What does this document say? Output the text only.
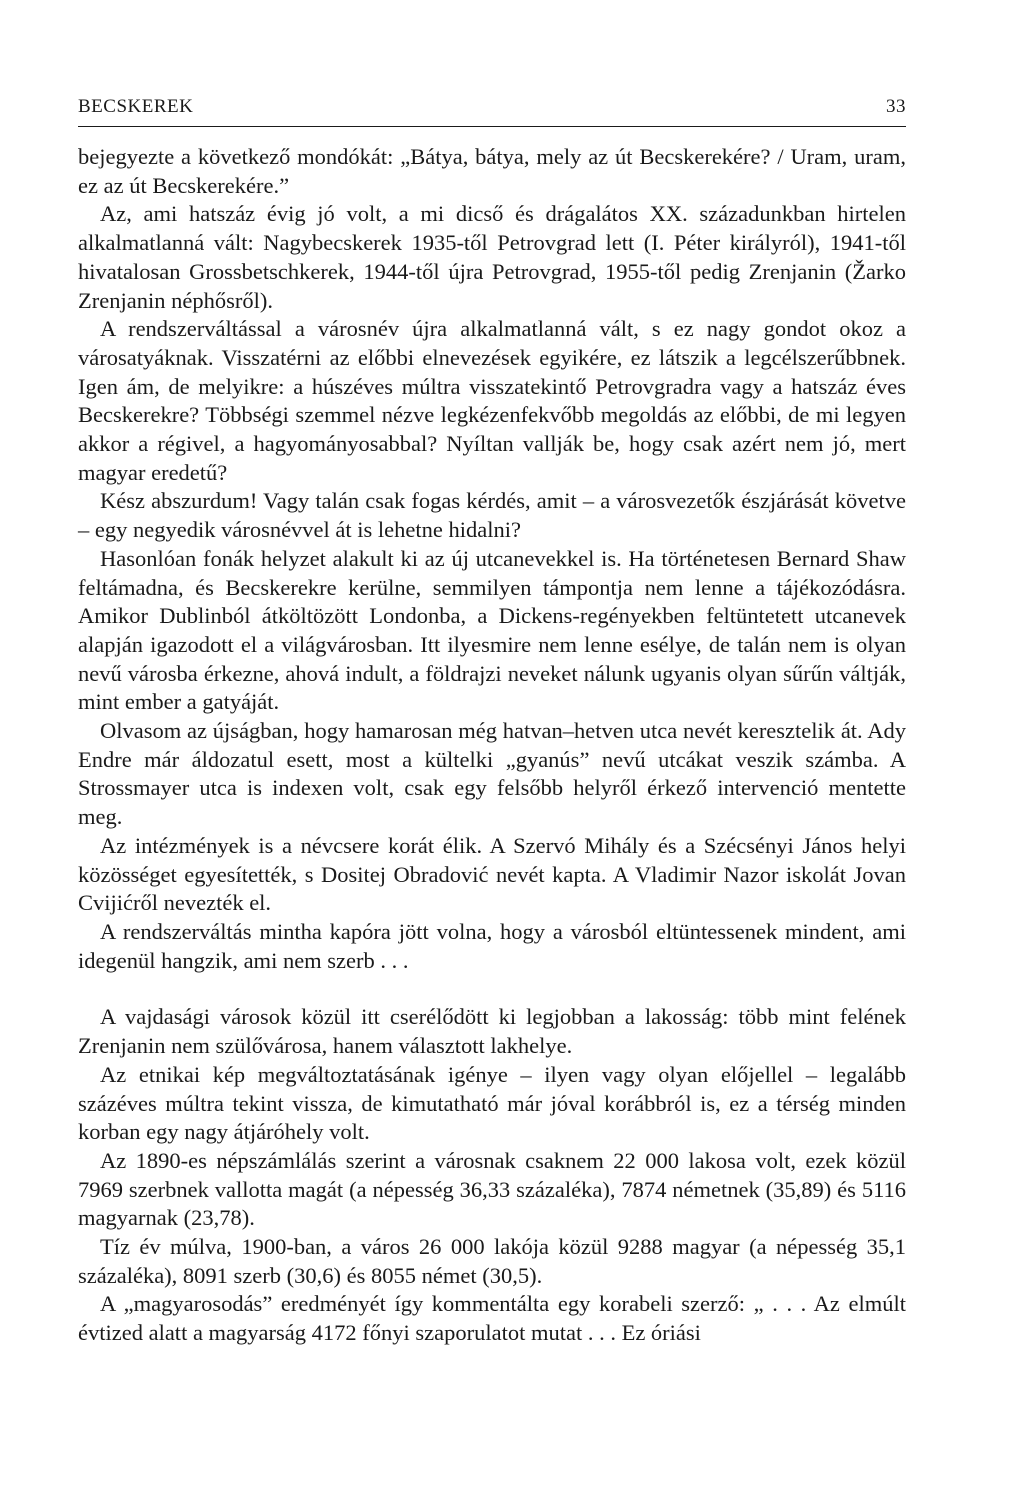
BECSKEREK	33

bejegyezte a következő mondókát: „Bátya, bátya, mely az út Becskerekére? / Uram, uram, ez az út Becskerekére.”

Az, ami hatszáz évig jó volt, a mi dicső és drágalátos XX. századunkban hirtelen alkalmatlanná vált: Nagybecskerek 1935-től Petrovgrad lett (I. Péter királyról), 1941-től hivatalosan Grossbetschkerek, 1944-től újra Petrovgrad, 1955-től pedig Zrenjanin (Žarko Zrenjanin néphősről).

A rendszerváltással a városnév újra alkalmatlanná vált, s ez nagy gondot okoz a városatyáknak. Visszatérni az előbbi elnevezések egyikére, ez látszik a legcélszerűbbnek. Igen ám, de melyikre: a húszéves múltra visszatekintő Petrovgradra vagy a hatszáz éves Becskerekre? Többségi szemmel nézve legkézenfekvőbb megoldás az előbbi, de mi legyen akkor a régivel, a hagyományosabbal? Nyíltan vallják be, hogy csak azért nem jó, mert magyar eredetű?

Kész abszurdum! Vagy talán csak fogas kérdés, amit – a városvezetők észjárását követve – egy negyedik városnévvel át is lehetne hidalni?

Hasonlóan fonák helyzet alakult ki az új utcanevekkel is. Ha történetesen Bernard Shaw feltámadna, és Becskerekre kerülne, semmilyen támpontja nem lenne a tájékozódásra. Amikor Dublinból átköltözött Londonba, a Dickens-regényekben feltüntetett utcanevek alapján igazodott el a világvárosban. Itt ilyesmire nem lenne esélye, de talán nem is olyan nevű városba érkezne, ahová indult, a földrajzi neveket nálunk ugyanis olyan sűrűn váltják, mint ember a gatyáját.

Olvasom az újságban, hogy hamarosan még hatvan–hetven utca nevét keresztelik át. Ady Endre már áldozatul esett, most a kültelki „gyanús” nevű utcákat veszik számba. A Strossmayer utca is indexen volt, csak egy felsőbb helyről érkező intervenció mentette meg.

Az intézmények is a névcsere korát élik. A Szervó Mihály és a Szécsényi János helyi közösséget egyesítették, s Dositej Obradović nevét kapta. A Vladimir Nazor iskolát Jovan Cvijićről nevezték el.

A rendszerváltás mintha kapóra jött volna, hogy a városból eltüntessenek mindent, ami idegenül hangzik, ami nem szerb . . .

A vajdasági városok közül itt cserélődött ki legjobban a lakosság: több mint felének Zrenjanin nem szülővárosa, hanem választott lakhelye.

Az etnikai kép megváltoztatásának igénye – ilyen vagy olyan előjellel – legalább százéves múltra tekint vissza, de kimutatható már jóval korábbról is, ez a térség minden korban egy nagy átjáróhely volt.

Az 1890-es népszámlálás szerint a városnak csaknem 22 000 lakosa volt, ezek közül 7969 szerbnek vallotta magát (a népesség 36,33 százaléka), 7874 németnek (35,89) és 5116 magyarnak (23,78).

Tíz év múlva, 1900-ban, a város 26 000 lakója közül 9288 magyar (a népesség 35,1 százaléka), 8091 szerb (30,6) és 8055 német (30,5).

A „magyarosodás” eredményét így kommentálta egy korabeli szerző: „ . . . Az elmúlt évtized alatt a magyarság 4172 főnyi szaporulatot mutat . . . Ez óriási
